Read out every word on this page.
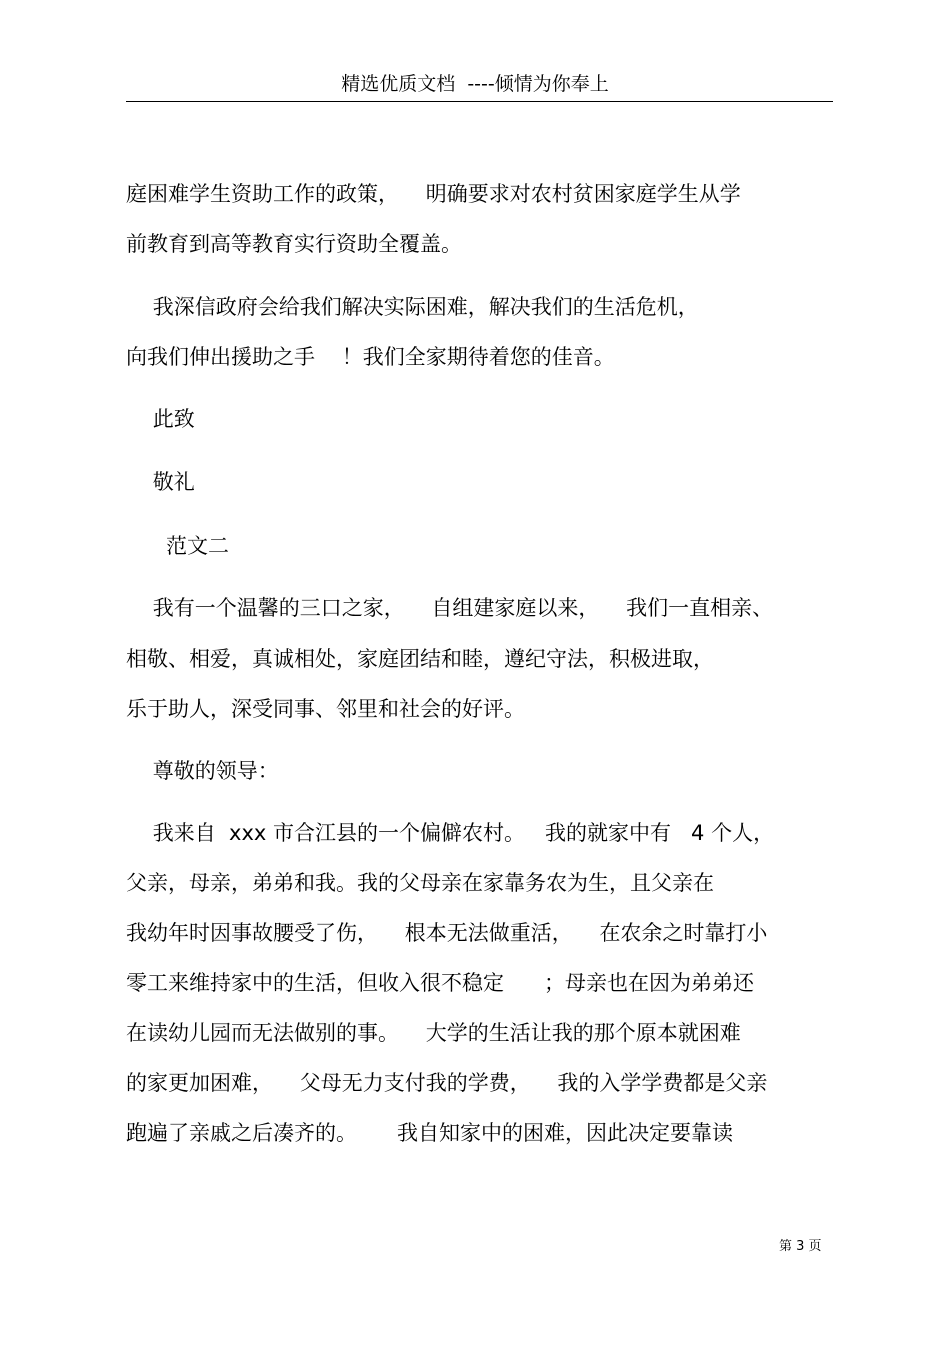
精选优质文档  ----倾情为你奉上
庭困难学生资助工作的政策，    明确要求对农村贫困家庭学生从学
前教育到高等教育实行资助全覆盖。
我深信政府会给我们解决实际困难，解决我们的生活危机，
向我们伸出援助之手    ！我们全家期待着您的佳音。
此致
敬礼
范文二
我有一个温馨的三口之家，    自组建家庭以来，    我们一直相亲、
相敬、相爱，真诚相处，家庭团结和睦，遵纪守法，积极进取，
乐于助人，深受同事、邻里和社会的好评。
尊敬的领导：
我来自  xxx 市合江县的一个偏僻农村。   我的就家中有   4 个人，
父亲，母亲，弟弟和我。我的父母亲在家靠务农为生，且父亲在
我幼年时因事故腰受了伤，    根本无法做重活，    在农余之时靠打小
零工来维持家中的生活，但收入很不稳定      ；母亲也在因为弟弟还
在读幼儿园而无法做别的事。    大学的生活让我的那个原本就困难
的家更加困难，    父母无力支付我的学费，    我的入学学费都是父亲
跑遍了亲戚之后凑齐的。      我自知家中的困难，因此决定要靠读
第 3 页
